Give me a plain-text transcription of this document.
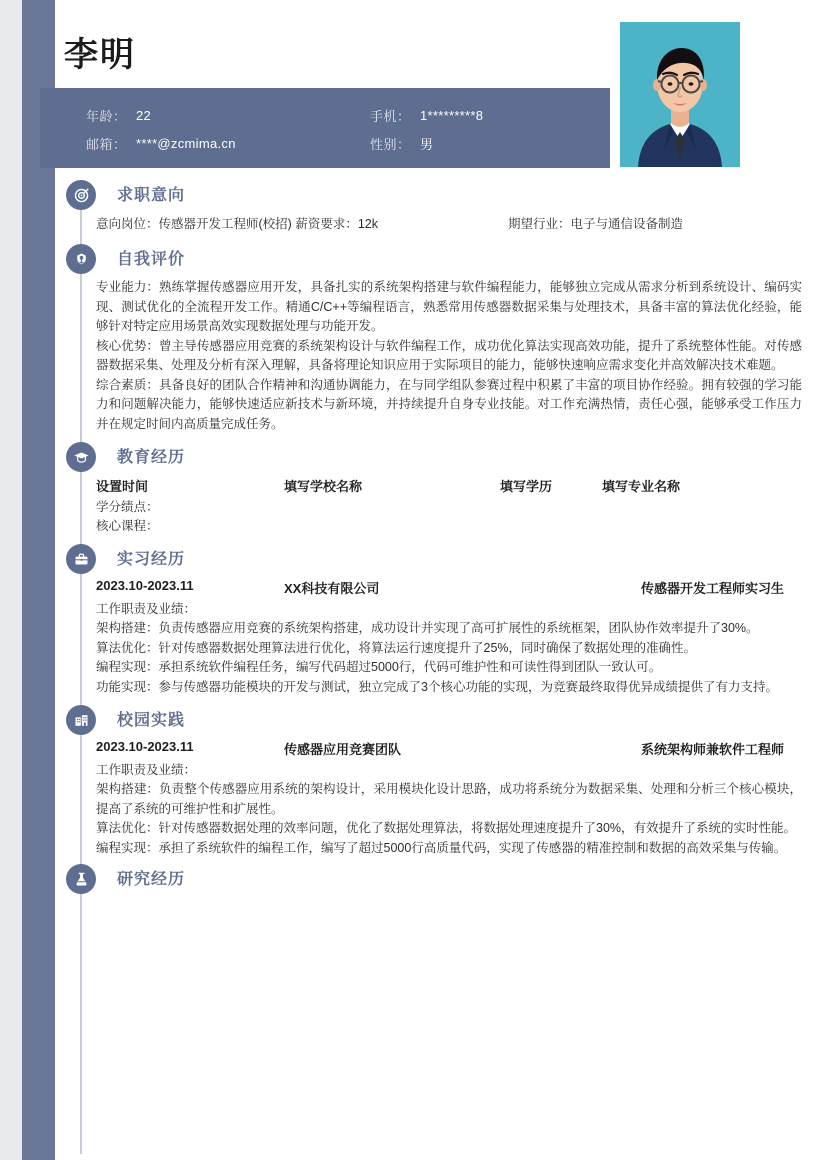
李明
年龄： 22	手机： 1*********8
邮箱： ****@zcmima.cn	性别： 男
求职意向
意向岗位：传感器开发工程师(校招) 薪资要求：12k	期望行业：电子与通信设备制造
自我评价
专业能力：熟练掌握传感器应用开发，具备扎实的系统架构搭建与软件编程能力，能够独立完成从需求分析到系统设计、编码实现、测试优化的全流程开发工作。精通C/C++等编程语言，熟悉常用传感器数据采集与处理技术，具备丰富的算法优化经验，能够针对特定应用场景高效实现数据处理与功能开发。
核心优势：曾主导传感器应用竞赛的系统架构设计与软件编程工作，成功优化算法实现高效功能，提升了系统整体性能。对传感器数据采集、处理及分析有深入理解，具备将理论知识应用于实际项目的能力，能够快速响应需求变化并高效解决技术难题。
综合素质：具备良好的团队合作精神和沟通协调能力，在与同学组队参赛过程中积累了丰富的项目协作经验。拥有较强的学习能力和问题解决能力，能够快速适应新技术与新环境，并持续提升自身专业技能。对工作充满热情，责任心强，能够承受工作压力并在规定时间内高质量完成任务。
教育经历
设置时间	填写学校名称	填写学历	填写专业名称
学分绩点：
核心课程：
实习经历
2023.10-2023.11	XX科技有限公司	传感器开发工程师实习生
工作职责及业绩：
架构搭建：负责传感器应用竞赛的系统架构搭建，成功设计并实现了高可扩展性的系统框架，团队协作效率提升了30%。
算法优化：针对传感器数据处理算法进行优化，将算法运行速度提升了25%，同时确保了数据处理的准确性。
编程实现：承担系统软件编程任务，编写代码超过5000行，代码可维护性和可读性得到团队一致认可。
功能实现：参与传感器功能模块的开发与测试，独立完成了3个核心功能的实现，为竞赛最终取得优异成绩提供了有力支持。
校园实践
2023.10-2023.11	传感器应用竞赛团队	系统架构师兼软件工程师
工作职责及业绩：
架构搭建：负责整个传感器应用系统的架构设计，采用模块化设计思路，成功将系统分为数据采集、处理和分析三个核心模块，提高了系统的可维护性和扩展性。
算法优化：针对传感器数据处理的效率问题，优化了数据处理算法，将数据处理速度提升了30%，有效提升了系统的实时性能。
编程实现：承担了系统软件的编程工作，编写了超过5000行高质量代码，实现了传感器的精准控制和数据的高效采集与传输。
研究经历
